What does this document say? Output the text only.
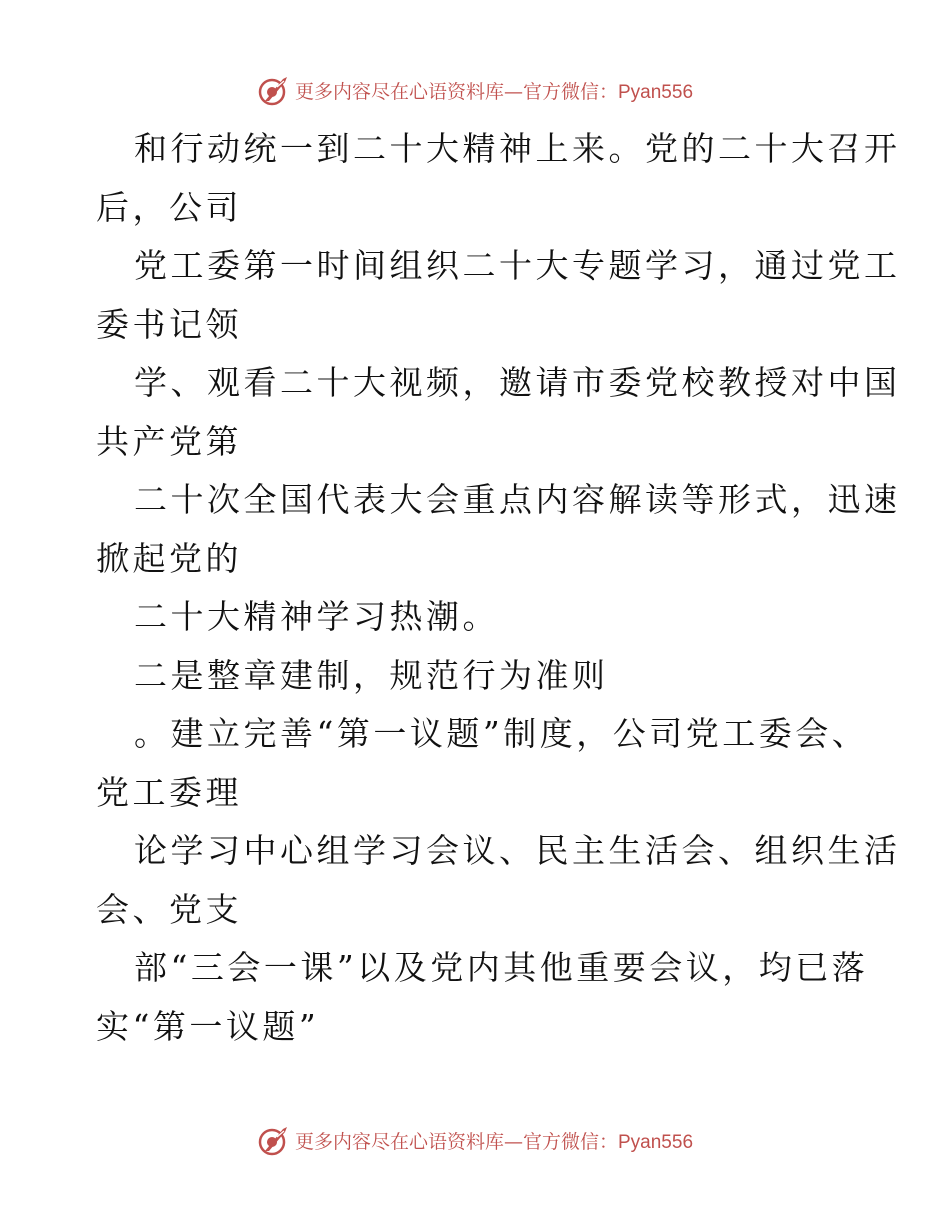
更多内容尽在心语资料库—官方微信：Pyan556
和行动统一到二十大精神上来。党的二十大召开
后，公司
党工委第一时间组织二十大专题学习，通过党工
委书记领
学、观看二十大视频，邀请市委党校教授对中国
共产党第
二十次全国代表大会重点内容解读等形式，迅速
掀起党的
二十大精神学习热潮。
二是整章建制，规范行为准则
。建立完善“第一议题”制度，公司党工委会、
党工委理
论学习中心组学习会议、民主生活会、组织生活
会、党支
部“三会一课”以及党内其他重要会议，均已落
实“第一议题”
更多内容尽在心语资料库—官方微信：Pyan556
